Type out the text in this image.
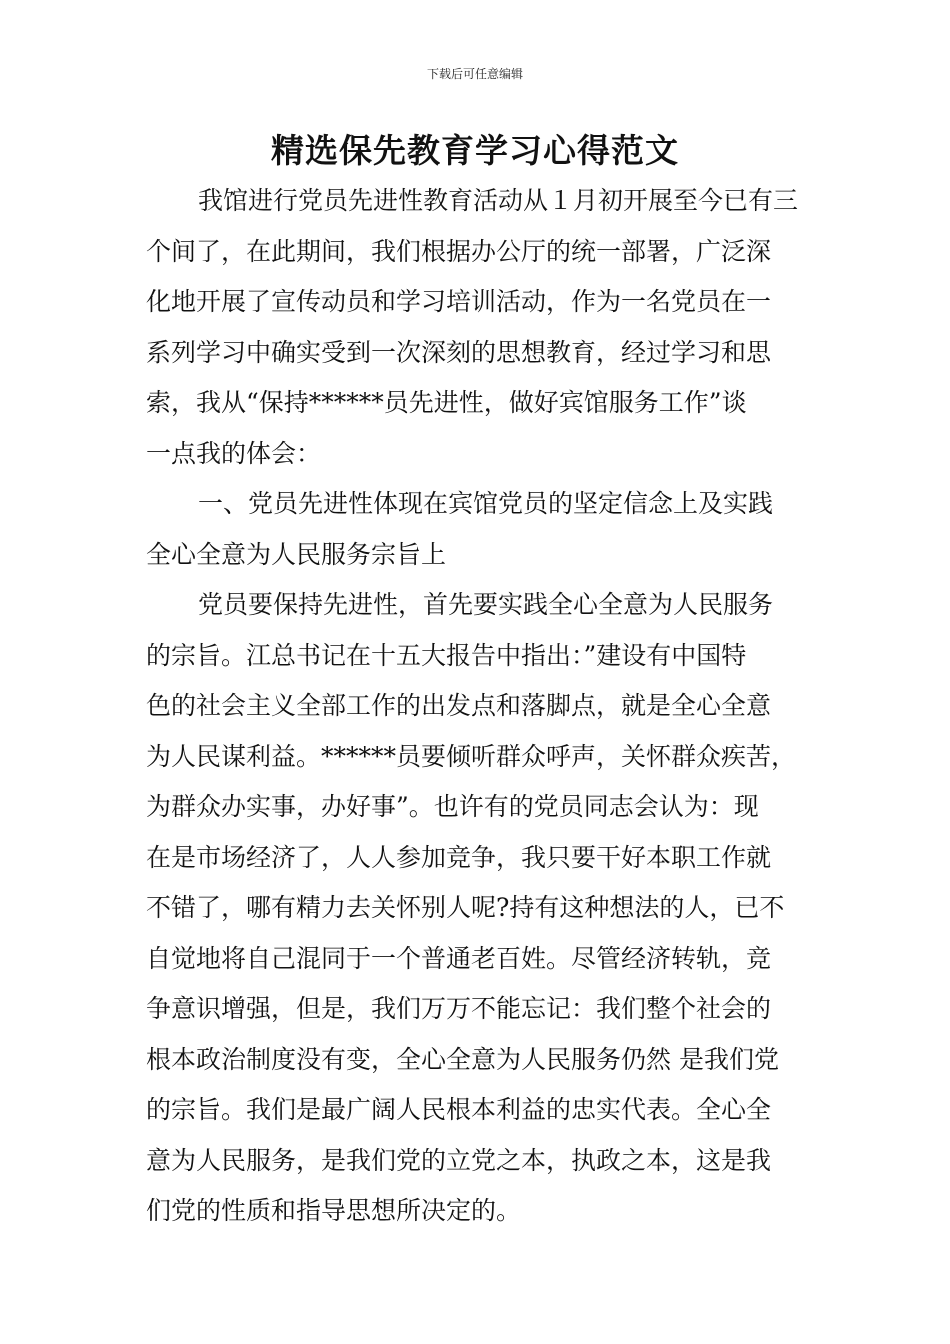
下载后可任意编辑
精选保先教育学习心得范文
我馆进行党员先进性教育活动从１月初开展至今已有三
个间了，在此期间，我们根据办公厅的统一部署，广泛深
化地开展了宣传动员和学习培训活动，作为一名党员在一
系列学习中确实受到一次深刻的思想教育，经过学习和思
索，我从“保持******员先进性，做好宾馆服务工作”谈
一点我的体会：
一、党员先进性体现在宾馆党员的坚定信念上及实践
全心全意为人民服务宗旨上
党员要保持先进性，首先要实践全心全意为人民服务
的宗旨。江总书记在十五大报告中指出：”建设有中国特
色的社会主义全部工作的出发点和落脚点，就是全心全意
为人民谋利益。******员要倾听群众呼声，关怀群众疾苦，
为群众办实事，办好事”。也许有的党员同志会认为：现
在是市场经济了，人人参加竞争，我只要干好本职工作就
不错了，哪有精力去关怀别人呢?持有这种想法的人，已不
自觉地将自己混同于一个普通老百姓。尽管经济转轨，竞
争意识增强，但是，我们万万不能忘记：我们整个社会的
根本政治制度没有变，全心全意为人民服务仍然 是我们党
的宗旨。我们是最广阔人民根本利益的忠实代表。全心全
意为人民服务，是我们党的立党之本，执政之本，这是我
们党的性质和指导思想所决定的。
